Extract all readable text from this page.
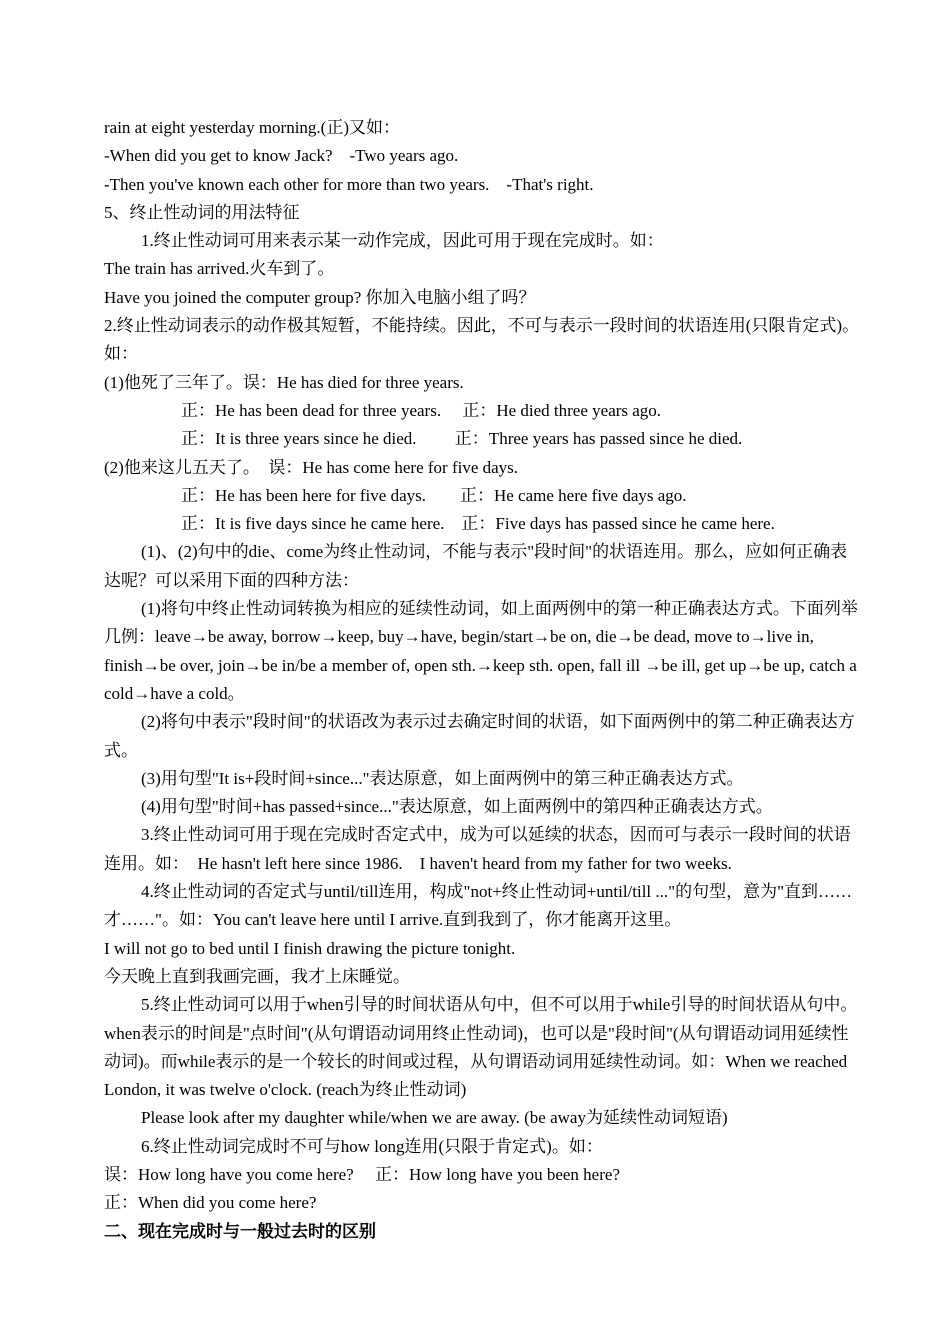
rain at eight yesterday morning.(正)又如：
-When did you get to know Jack?　-Two years ago.
-Then you've known each other for more than two years.　-That's right.
5、终止性动词的用法特征
1.终止性动词可用来表示某一动作完成，因此可用于现在完成时。如：
The train has arrived.火车到了。
Have you joined the computer group? 你加入电脑小组了吗？
2.终止性动词表示的动作极其短暂，不能持续。因此，不可与表示一段时间的状语连用(只限肯定式)。如：
(1)他死了三年了。误：He has died for three years.
正：He has been dead for three years.　 正：He died three years ago.
正：It is three years since he died.　　 正：Three years has passed since he died.
(2)他来这儿五天了。　误：He has come here for five days.
正：He has been here for five days.　　正：He came here five days ago.
正：It is five days since he came here.　正：Five days has passed since he came here.
(1)、(2)句中的die、come为终止性动词，不能与表示"段时间"的状语连用。那么，应如何正确表达呢？可以采用下面的四种方法：
(1)将句中终止性动词转换为相应的延续性动词，如上面两例中的第一种正确表达方式。下面列举几例：leave→be away, borrow→keep, buy→have, begin/start→be on, die→be dead, move to→live in, finish→be over, join→be in/be a member of, open sth.→keep sth. open, fall ill →be ill, get up→be up, catch a cold→have a cold。
(2)将句中表示"段时间"的状语改为表示过去确定时间的状语，如下面两例中的第二种正确表达方式。
(3)用句型"It is+段时间+since..."表达原意，如上面两例中的第三种正确表达方式。
(4)用句型"时间+has passed+since..."表达原意，如上面两例中的第四种正确表达方式。
3.终止性动词可用于现在完成时否定式中，成为可以延续的状态，因而可与表示一段时间的状语连用。如：　He hasn't left here since 1986.　I haven't heard from my father for two weeks.
4.终止性动词的否定式与until/till连用，构成"not+终止性动词+until/till ..."的句型，意为"直到……才……"。如：You can't leave here until I arrive.直到我到了，你才能离开这里。
I will not go to bed until I finish drawing the picture tonight.
今天晚上直到我画完画，我才上床睡觉。
5.终止性动词可以用于when引导的时间状语从句中，但不可以用于while引导的时间状语从句中。when表示的时间是"点时间"(从句谓语动词用终止性动词)，也可以是"段时间"(从句谓语动词用延续性动词)。而while表示的是一个较长的时间或过程，从句谓语动词用延续性动词。如：When we reached London, it was twelve o'clock. (reach为终止性动词)
Please look after my daughter while/when we are away. (be away为延续性动词短语)
6.终止性动词完成时不可与how long连用(只限于肯定式)。如：
误：How long have you come here?　 正：How long have you been here?
正：When did you come here?
二、现在完成时与一般过去时的区别
